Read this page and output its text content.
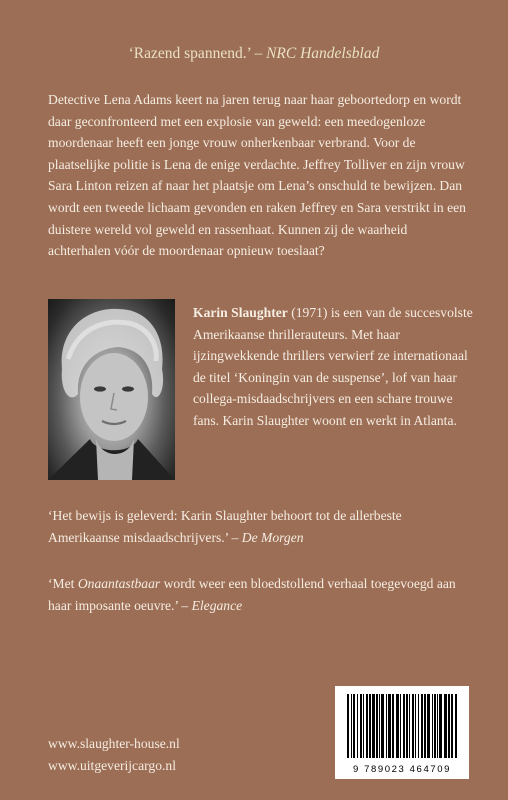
‘Razend spannend.’ – NRC Handelsblad

Detective Lena Adams keert na jaren terug naar haar geboortedorp en wordt daar geconfronteerd met een explosie van geweld: een meedogenloze moordenaar heeft een jonge vrouw onherkenbaar verbrand. Voor de plaatselijke politie is Lena de enige verdachte. Jeffrey Tolliver en zijn vrouw Sara Linton reizen af naar het plaatsje om Lena’s onschuld te bewijzen. Dan wordt een tweede lichaam gevonden en raken Jeffrey en Sara verstrikt in een duistere wereld vol geweld en rassenhaat. Kunnen zij de waarheid achterhalen vóór de moordenaar opnieuw toeslaat?

Karin Slaughter (1971) is een van de succesvolste Amerikaanse thrillerauteurs. Met haar ijzingwekkende thrillers verwierf ze internationaal de titel ‘Koningin van de suspense’, lof van haar collega-misdaadschrijvers en een schare trouwe fans. Karin Slaughter woont en werkt in Atlanta.

‘Het bewijs is geleverd: Karin Slaughter behoort tot de allerbeste Amerikaanse misdaadschrijvers.’ – De Morgen

‘Met Onaantastbaar wordt weer een bloedstollend verhaal toegevoegd aan haar imposante oeuvre.’ – Elegance

www.slaughter-house.nl
www.uitgeverijcargo.nl	9 789023 464709
